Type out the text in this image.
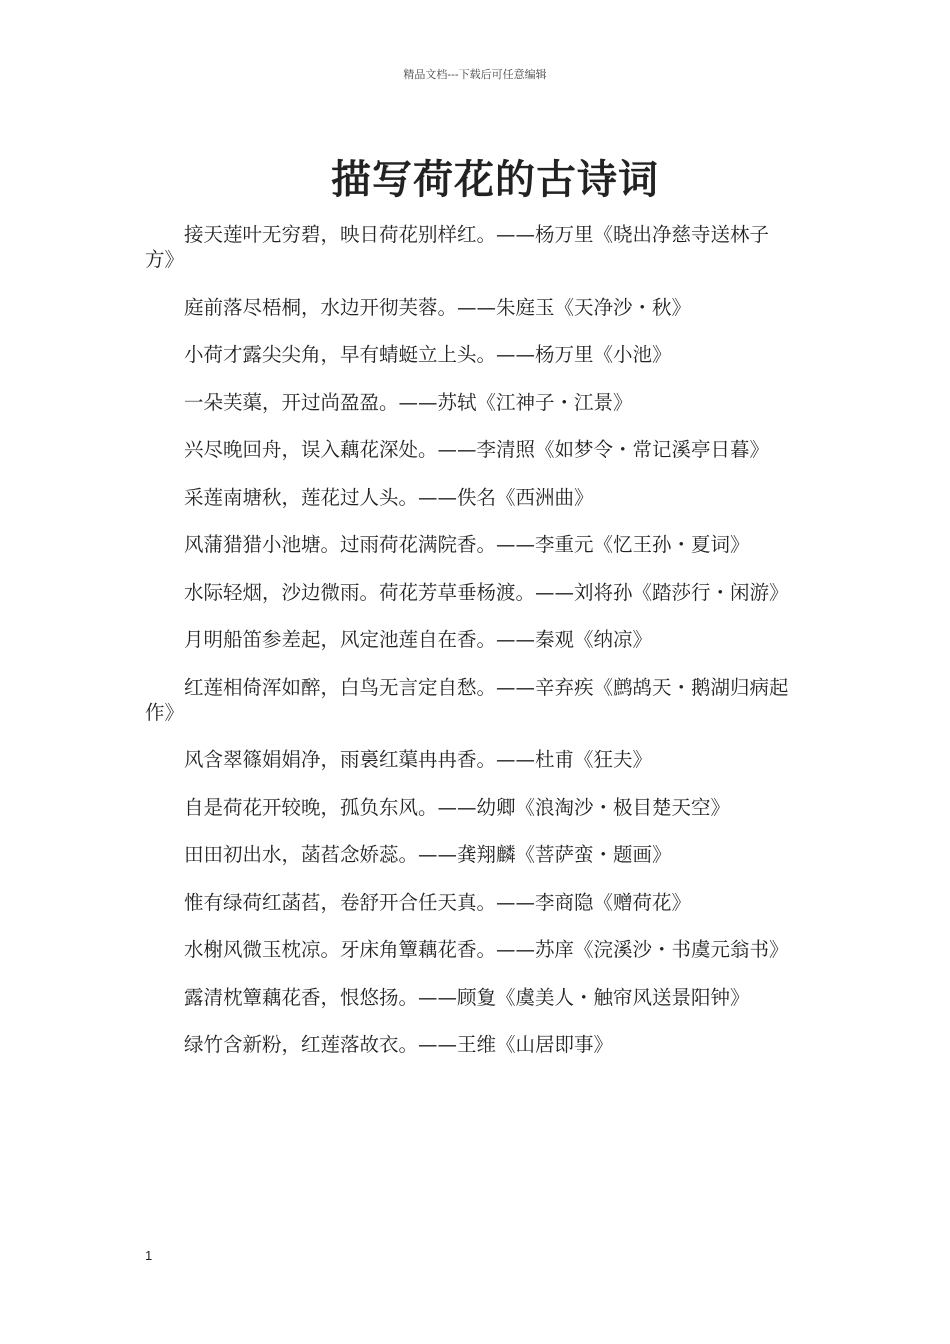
精品文档---下载后可任意编辑
描写荷花的古诗词

接天莲叶无穷碧，映日荷花别样红。——杨万里《晓出净慈寺送林子方》

庭前落尽梧桐，水边开彻芙蓉。——朱庭玉《天净沙・秋》

小荷才露尖尖角，早有蜻蜓立上头。——杨万里《小池》

一朵芙蕖，开过尚盈盈。——苏轼《江神子・江景》

兴尽晚回舟，误入藕花深处。——李清照《如梦令・常记溪亭日暮》

采莲南塘秋，莲花过人头。——佚名《西洲曲》

风蒲猎猎小池塘。过雨荷花满院香。——李重元《忆王孙・夏词》

水际轻烟，沙边微雨。荷花芳草垂杨渡。——刘将孙《踏莎行・闲游》

月明船笛参差起，风定池莲自在香。——秦观《纳凉》

红莲相倚浑如醉，白鸟无言定自愁。——辛弃疾《鹧鸪天・鹅湖归病起作》

风含翠篠娟娟净，雨裛红蕖冉冉香。——杜甫《狂夫》

自是荷花开较晚，孤负东风。——幼卿《浪淘沙・极目楚天空》

田田初出水，菡萏念娇蕊。——龚翔麟《菩萨蛮・题画》

惟有绿荷红菡萏，卷舒开合任天真。——李商隐《赠荷花》

水榭风微玉枕凉。牙床角簟藕花香。——苏庠《浣溪沙・书虞元翁书》

露清枕簟藕花香，恨悠扬。——顾夐《虞美人・触帘风送景阳钟》

绿竹含新粉，红莲落故衣。——王维《山居即事》

1
